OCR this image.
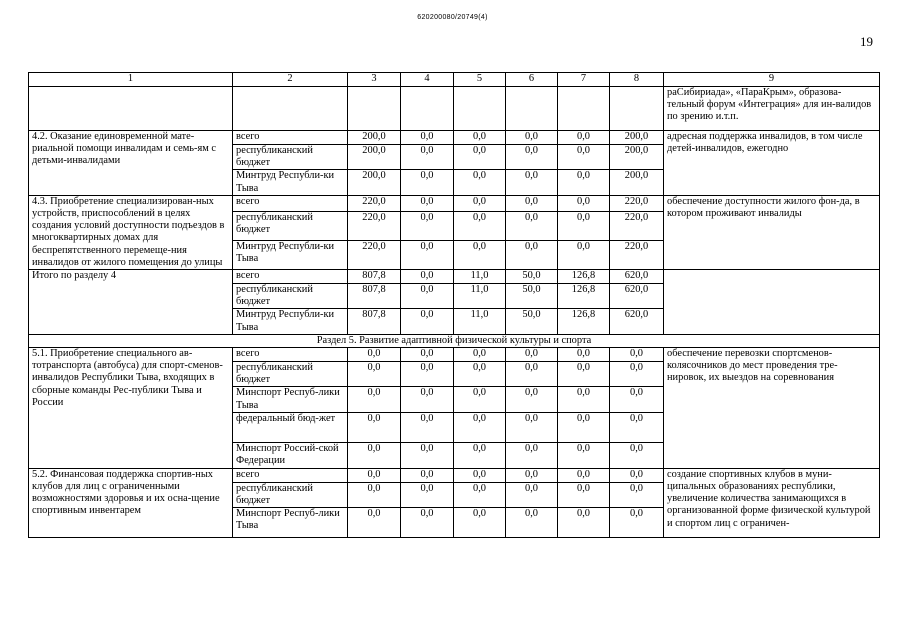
620200080/20749(4)
19
1	2	3	4	5	6	7	8	9
								раСибириада», «ПараКрым», образова-тельный форум «Интеграция» для ин-валидов по зрению и.т.п.
4.2. Оказание единовременной мате-риальной помощи инвалидам и семь-ям с детьми-инвалидами	всего	200,0	0,0	0,0	0,0	0,0	200,0	адресная поддержка инвалидов, в том числе детей-инвалидов, ежегодно
	республиканский бюджет	200,0	0,0	0,0	0,0	0,0	200,0	
	Минтруд Республи-ки Тыва	200,0	0,0	0,0	0,0	0,0	200,0	
4.3. Приобретение специализирован-ных устройств, приспособлений в целях создания условий доступности подъездов в многоквартирных домах для беспрепятственного перемеще-ния инвалидов от жилого помещения до улицы	всего	220,0	0,0	0,0	0,0	0,0	220,0	обеспечение доступности жилого фон-да, в котором проживают инвалиды
	республиканский бюджет	220,0	0,0	0,0	0,0	0,0	220,0	
	Минтруд Республи-ки Тыва	220,0	0,0	0,0	0,0	0,0	220,0	
Итого по разделу 4	всего	807,8	0,0	11,0	50,0	126,8	620,0	
	республиканский бюджет	807,8	0,0	11,0	50,0	126,8	620,0	
	Минтруд Республи-ки Тыва	807,8	0,0	11,0	50,0	126,8	620,0	
Раздел 5. Развитие адаптивной физической культуры и спорта								
5.1. Приобретение специального ав-тотранспорта (автобуса) для спорт-сменов-инвалидов Республики Тыва, входящих в сборные команды Рес-публики Тыва и России	всего	0,0	0,0	0,0	0,0	0,0	0,0	обеспечение перевозки спортсменов-колясочников до мест проведения тре-нировок, их выездов на соревнования
	республиканский бюджет	0,0	0,0	0,0	0,0	0,0	0,0	
	Минспорт Респуб-лики Тыва	0,0	0,0	0,0	0,0	0,0	0,0	
	федеральный бюд-жет	0,0	0,0	0,0	0,0	0,0	0,0	
	Минспорт Россий-ской Федерации	0,0	0,0	0,0	0,0	0,0	0,0	
5.2. Финансовая поддержка спортив-ных клубов для лиц с ограниченными возможностями здоровья и их осна-щение спортивным инвентарем	всего	0,0	0,0	0,0	0,0	0,0	0,0	создание спортивных клубов в муни-ципальных образованиях республики, увеличение количества занимающихся в организованной форме физической культурой и спортом лиц с ограничен-
	республиканский бюджет	0,0	0,0	0,0	0,0	0,0	0,0	
	Минспорт Респуб-лики Тыва	0,0	0,0	0,0	0,0	0,0	0,0	
